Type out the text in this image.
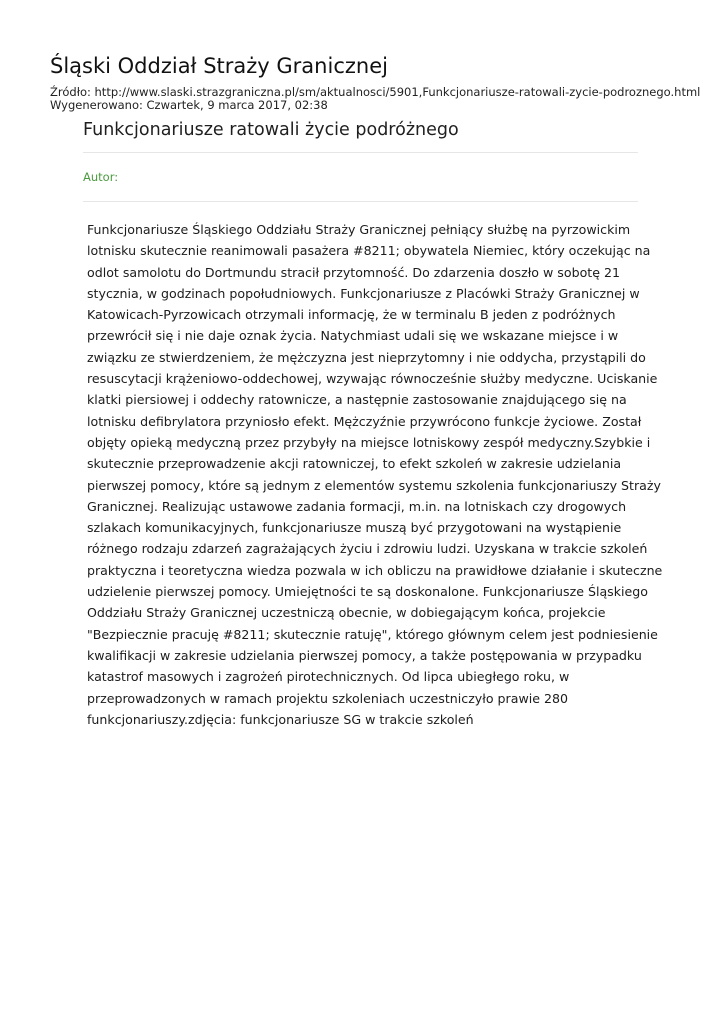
Śląski Oddział Straży Granicznej
Źródło: http://www.slaski.strazgraniczna.pl/sm/aktualnosci/5901,Funkcjonariusze-ratowali-zycie-podroznego.html
Wygenerowano: Czwartek, 9 marca 2017, 02:38
Funkcjonariusze ratowali życie podróżnego
Autor:

Funkcjonariusze Śląskiego Oddziału Straży Granicznej pełniący służbę na pyrzowickim
lotnisku skutecznie reanimowali pasażera #8211; obywatela Niemiec, który oczekując na
odlot samolotu do Dortmundu stracił przytomność. Do zdarzenia doszło w sobotę 21
stycznia, w godzinach popołudniowych. Funkcjonariusze z Placówki Straży Granicznej w
Katowicach-Pyrzowicach otrzymali informację, że w terminalu B jeden z podróżnych
przewrócił się i nie daje oznak życia. Natychmiast udali się we wskazane miejsce i w
związku ze stwierdzeniem, że mężczyzna jest nieprzytomny i nie oddycha, przystąpili do
resuscytacji krążeniowo-oddechowej, wzywając równocześnie służby medyczne. Uciskanie
klatki piersiowej i oddechy ratownicze, a następnie zastosowanie znajdującego się na
lotnisku defibrylatora przyniosło efekt. Mężczyźnie przywrócono funkcje życiowe. Został
objęty opieką medyczną przez przybyły na miejsce lotniskowy zespół medyczny.Szybkie i
skutecznie przeprowadzenie akcji ratowniczej, to efekt szkoleń w zakresie udzielania
pierwszej pomocy, które są jednym z elementów systemu szkolenia funkcjonariuszy Straży
Granicznej. Realizując ustawowe zadania formacji, m.in. na lotniskach czy drogowych
szlakach komunikacyjnych, funkcjonariusze muszą być przygotowani na wystąpienie
różnego rodzaju zdarzeń zagrażających życiu i zdrowiu ludzi. Uzyskana w trakcie szkoleń
praktyczna i teoretyczna wiedza pozwala w ich obliczu na prawidłowe działanie i skuteczne
udzielenie pierwszej pomocy. Umiejętności te są doskonalone. Funkcjonariusze Śląskiego
Oddziału Straży Granicznej uczestniczą obecnie, w dobiegającym końca, projekcie
"Bezpiecznie pracuję #8211; skutecznie ratuję", którego głównym celem jest podniesienie
kwalifikacji w zakresie udzielania pierwszej pomocy, a także postępowania w przypadku
katastrof masowych i zagrożeń pirotechnicznych. Od lipca ubiegłego roku, w
przeprowadzonych w ramach projektu szkoleniach uczestniczyło prawie 280
funkcjonariuszy.zdjęcia: funkcjonariusze SG w trakcie szkoleń
